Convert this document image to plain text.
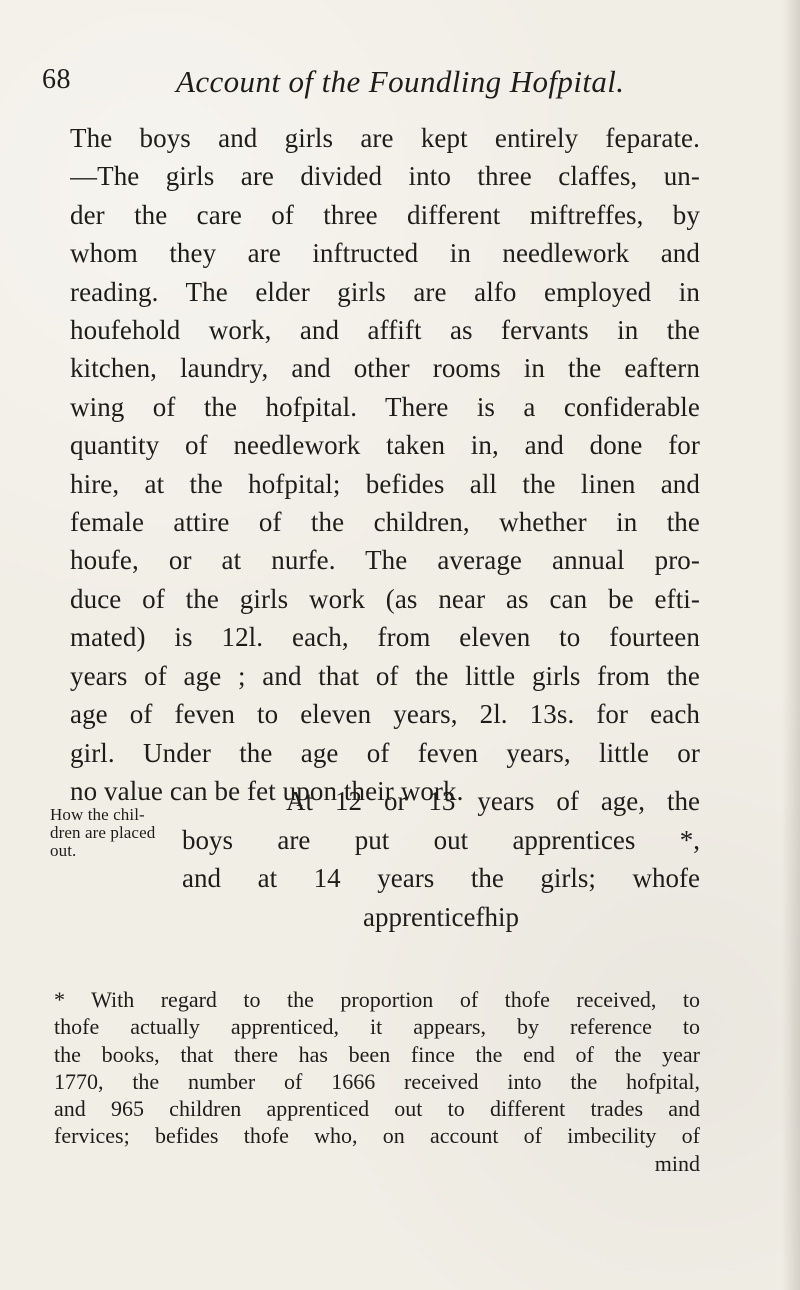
68	Account of the Foundling Hofpital.
The boys and girls are kept entirely feparate.
—The girls are divided into three claffes, un-
der the care of three different miftreffes, by
whom they are inftructed in needlework and
reading. The elder girls are alfo employed in
houfehold work, and affift as fervants in the
kitchen, laundry, and other rooms in the eaftern
wing of the hofpital. There is a confiderable
quantity of needlework taken in, and done for
hire, at the hofpital; befides all the linen and
female attire of the children, whether in the
houfe, or at nurfe. The average annual pro-
duce of the girls work (as near as can be efti-
mated) is 12l. each, from eleven to fourteen
years of age ; and that of the little girls from the
age of feven to eleven years, 2l. 13s. for each
girl. Under the age of feven years, little or
no value can be fet upon their work.
How the chil-
dren are placed
out.
At 12 or 13 years of age, the
boys are put out apprentices *,
and at 14 years the girls; whofe
apprenticefhip
* With regard to the proportion of thofe received, to
thofe actually apprenticed, it appears, by reference to
the books, that there has been fince the end of the year
1770, the number of 1666 received into the hofpital,
and 965 children apprenticed out to different trades and
fervices; befides thofe who, on account of imbecility of
mind
